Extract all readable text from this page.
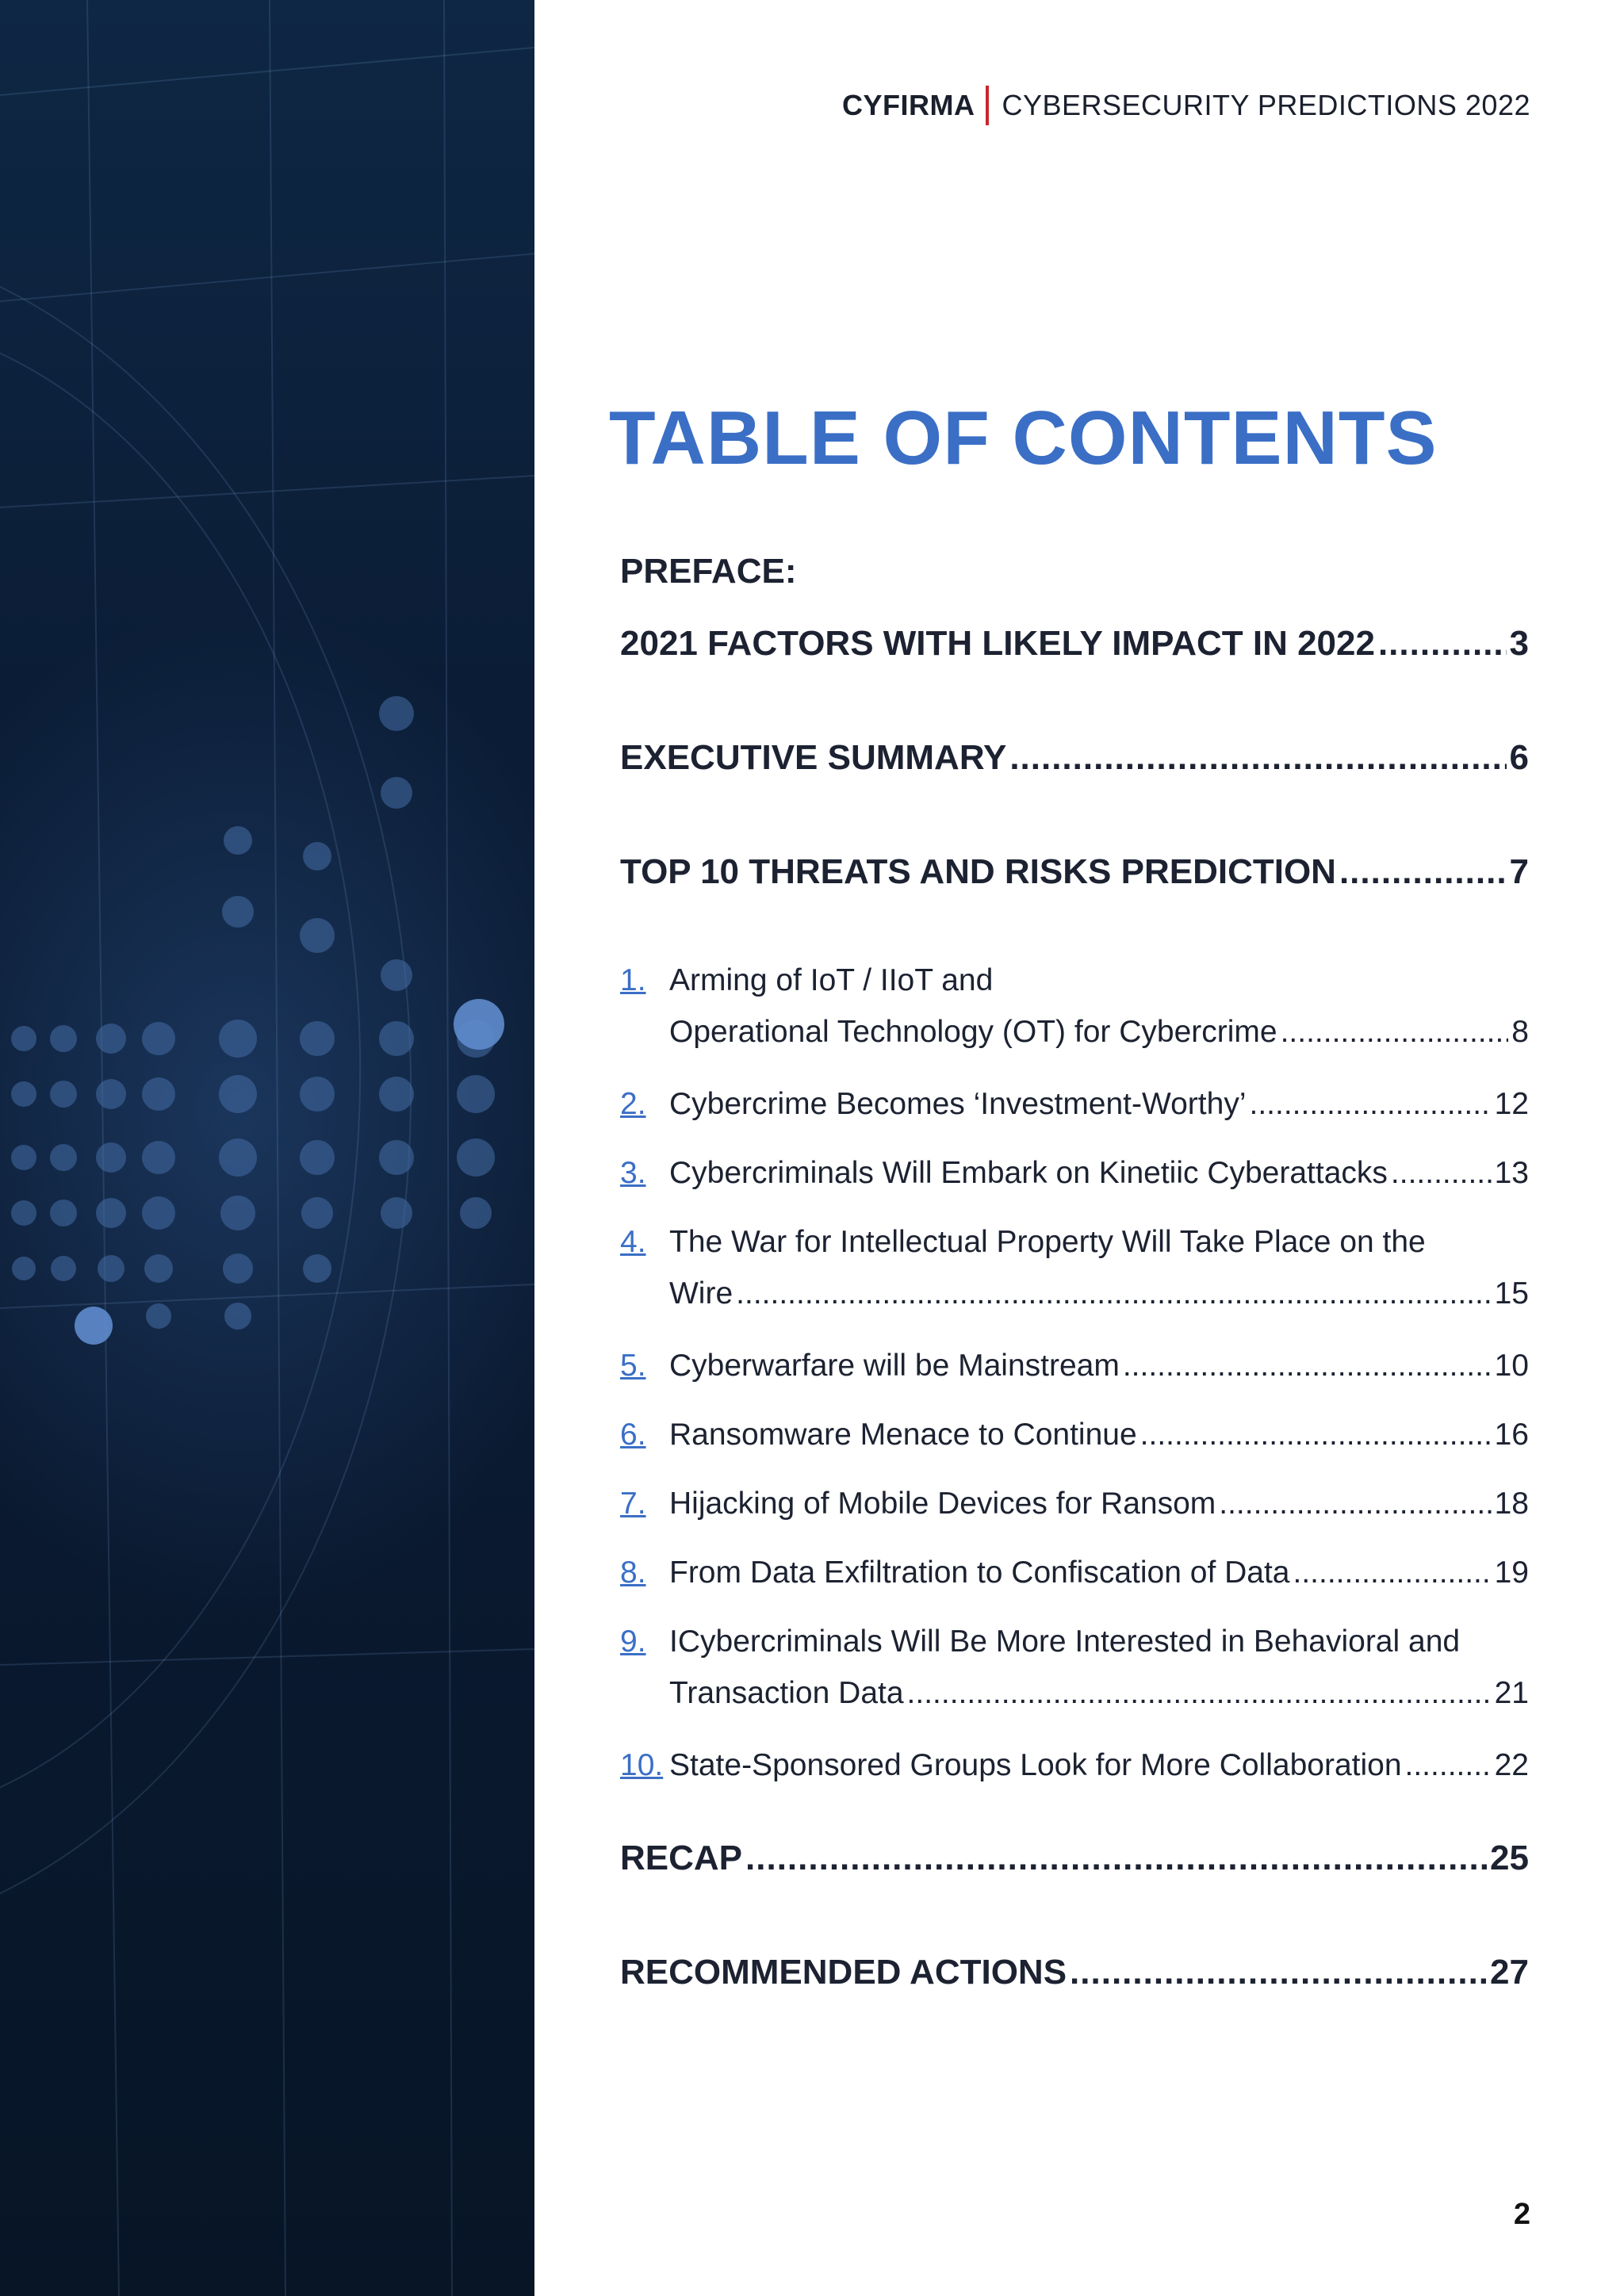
CYFIRMA CYBERSECURITY PREDICTIONS 2022
TABLE OF CONTENTS
PREFACE:
2021 FACTORS WITH LIKELY IMPACT IN 2022 .....	3
EXECUTIVE SUMMARY .....	6
TOP 10 THREATS AND RISKS PREDICTION .....	7
1. Arming of IoT / IIoT and
Operational Technology (OT) for Cybercrime .....	8
2. Cybercrime Becomes ‘Investment-Worthy’ .....	12
3. Cybercriminals Will Embark on Kinetiic Cyberattacks .....	13
4. The War for Intellectual Property Will Take Place on the
Wire .....	15
5. Cyberwarfare will be Mainstream .....	10
6. Ransomware Menace to Continue .....	16
7. Hijacking of Mobile Devices for Ransom .....	18
8. From Data Exfiltration to Confiscation of Data .....	19
9. ICybercriminals Will Be More Interested in Behavioral and
Transaction Data .....	21
10. State-Sponsored Groups Look for More Collaboration .....	22
RECAP .....	25
RECOMMENDED ACTIONS .....	27
2
